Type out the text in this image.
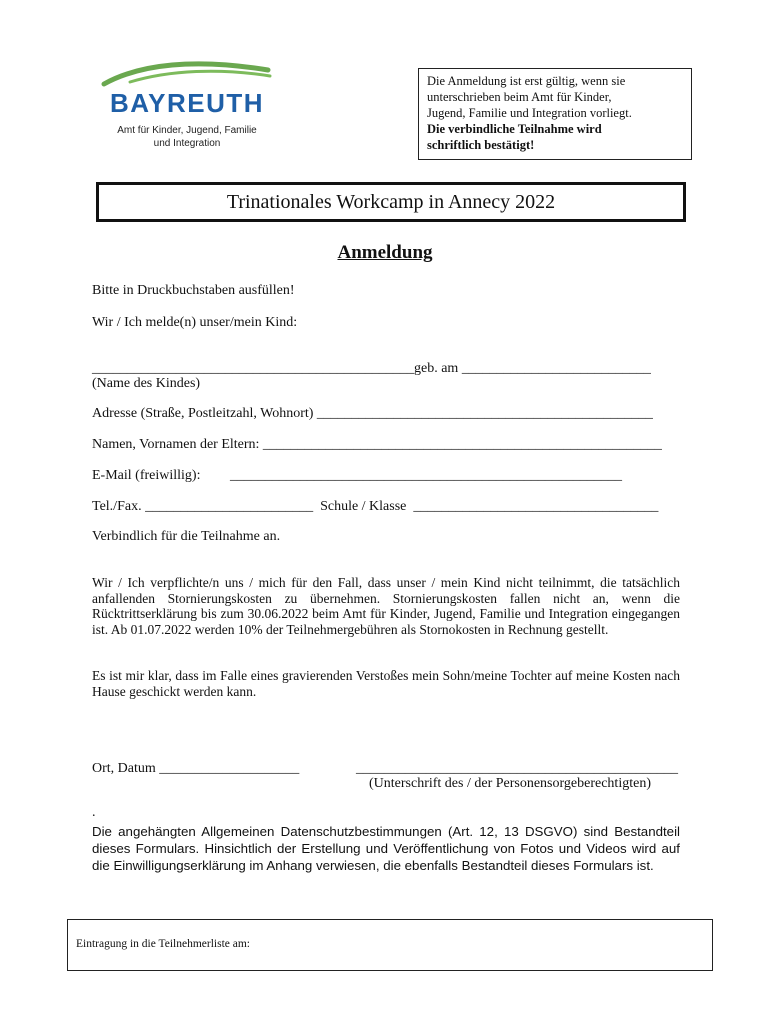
BAYREUTH
Amt für Kinder, Jugend, Familie
und Integration
Die Anmeldung ist erst gültig, wenn sie
unterschrieben beim Amt für Kinder,
Jugend, Familie und Integration vorliegt.
Die verbindliche Teilnahme wird
schriftlich bestätigt!
Trinationales Workcamp in Annecy 2022
Anmeldung
Bitte in Druckbuchstaben ausfüllen!
Wir / Ich melde(n) unser/mein Kind:
______________________________________________geb. am ___________________________
(Name des Kindes)
Adresse (Straße, Postleitzahl, Wohnort) ________________________________________________
Namen, Vornamen der Eltern: _________________________________________________________
E-Mail (freiwillig): ________________________________________________________
Tel./Fax. ________________________  Schule / Klasse  ___________________________________
Verbindlich für die Teilnahme an.
Wir / Ich verpflichte/n uns / mich für den Fall, dass unser / mein Kind nicht teilnimmt, die tatsächlich anfallenden Stornierungskosten zu übernehmen. Stornierungskosten fallen nicht an, wenn die Rücktrittserklärung bis zum 30.06.2022 beim Amt für Kinder, Jugend, Familie und Integration eingegangen ist. Ab 01.07.2022 werden 10% der Teilnehmergebühren als Stornokosten in Rechnung gestellt.
Es ist mir klar, dass im Falle eines gravierenden Verstoßes mein Sohn/meine Tochter auf meine Kosten nach Hause geschickt werden kann.
Ort, Datum ____________________	______________________________________________
(Unterschrift des / der Personensorgeberechtigten)
.
Die angehängten Allgemeinen Datenschutzbestimmungen (Art. 12, 13 DSGVO) sind Bestandteil dieses Formulars. Hinsichtlich der Erstellung und Veröffentlichung von Fotos und Videos wird auf die Einwilligungserklärung im Anhang verwiesen, die ebenfalls Bestandteil dieses Formulars ist.
Eintragung in die Teilnehmerliste am:
